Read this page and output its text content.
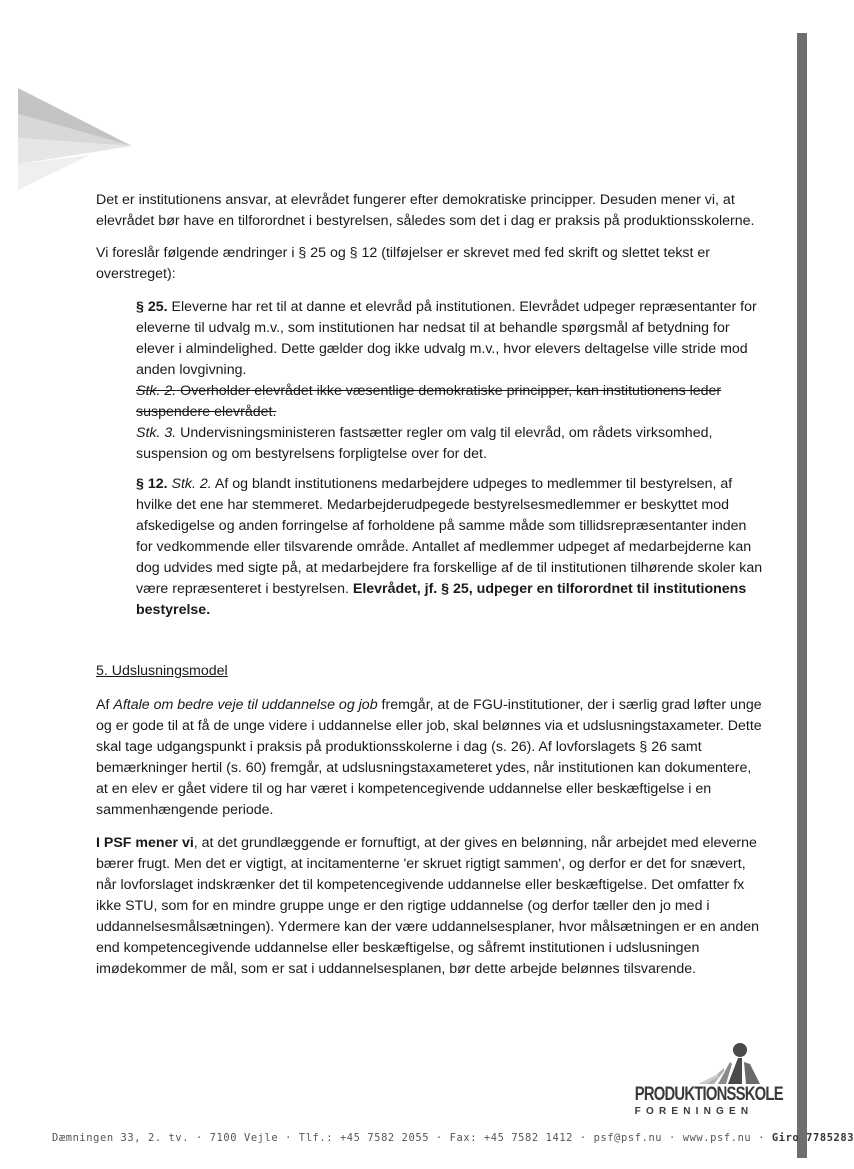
Det er institutionens ansvar, at elevrådet fungerer efter demokratiske principper. Desuden mener vi, at elevrådet bør have en tilforordnet i bestyrelsen, således som det i dag er praksis på produktionsskolerne.

Vi foreslår følgende ændringer i § 25 og § 12 (tilføjelser er skrevet med fed skrift og slettet tekst er overstreget):

§ 25. Eleverne har ret til at danne et elevråd på institutionen. Elevrådet udpeger repræsentanter for eleverne til udvalg m.v., som institutionen har nedsat til at behandle spørgsmål af betydning for elever i almindelighed. Dette gælder dog ikke udvalg m.v., hvor elevers deltagelse ville stride mod anden lovgivning.

Stk. 2. Overholder elevrådet ikke væsentlige demokratiske principper, kan institutionens leder suspendere elevrådet.

Stk. 3. Undervisningsministeren fastsætter regler om valg til elevråd, om rådets virksomhed, suspension og om bestyrelsens forpligtelse over for det.

§ 12. Stk. 2. Af og blandt institutionens medarbejdere udpeges to medlemmer til bestyrelsen, af hvilke det ene har stemmeret. Medarbejderudpegede bestyrelsesmedlemmer er beskyttet mod afskedigelse og anden forringelse af forholdene på samme måde som tillidsrepræsentanter inden for vedkommende eller tilsvarende område. Antallet af medlemmer udpeget af medarbejderne kan dog udvides med sigte på, at medarbejdere fra forskellige af de til institutionen tilhørende skoler kan være repræsenteret i bestyrelsen. Elevrådet, jf. § 25, udpeger en tilforordnet til institutionens bestyrelse.

5. Udslusningsmodel

Af Aftale om bedre veje til uddannelse og job fremgår, at de FGU-institutioner, der i særlig grad løfter unge og er gode til at få de unge videre i uddannelse eller job, skal belønnes via et udslusningstaxameter. Dette skal tage udgangspunkt i praksis på produktionsskolerne i dag (s. 26). Af lovforslagets § 26 samt bemærkninger hertil (s. 60) fremgår, at udslusningstaxameteret ydes, når institutionen kan dokumentere, at en elev er gået videre til og har været i kompetencegivende uddannelse eller beskæftigelse i en sammenhængende periode.

I PSF mener vi, at det grundlæggende er fornuftigt, at der gives en belønning, når arbejdet med eleverne bærer frugt. Men det er vigtigt, at incitamenterne 'er skruet rigtigt sammen', og derfor er det for snævert, når lovforslaget indskrænker det til kompetencegivende uddannelse eller beskæftigelse. Det omfatter fx ikke STU, som for en mindre gruppe unge er den rigtige uddannelse (og derfor tæller den jo med i uddannelsesmålsætningen). Ydermere kan der være uddannelsesplaner, hvor målsætningen er en anden end kompetencegivende uddannelse eller beskæftigelse, og såfremt institutionen i udslusningen imødekommer de mål, som er sat i uddannelsesplanen, bør dette arbejde belønnes tilsvarende.

PRODUKTIONSSKOLE
FORENINGEN
Dæmningen 33, 2. tv. · 7100 Vejle · Tlf.: +45 7582 2055 · Fax: +45 7582 1412 · psf@psf.nu · www.psf.nu · Giro 7785283
